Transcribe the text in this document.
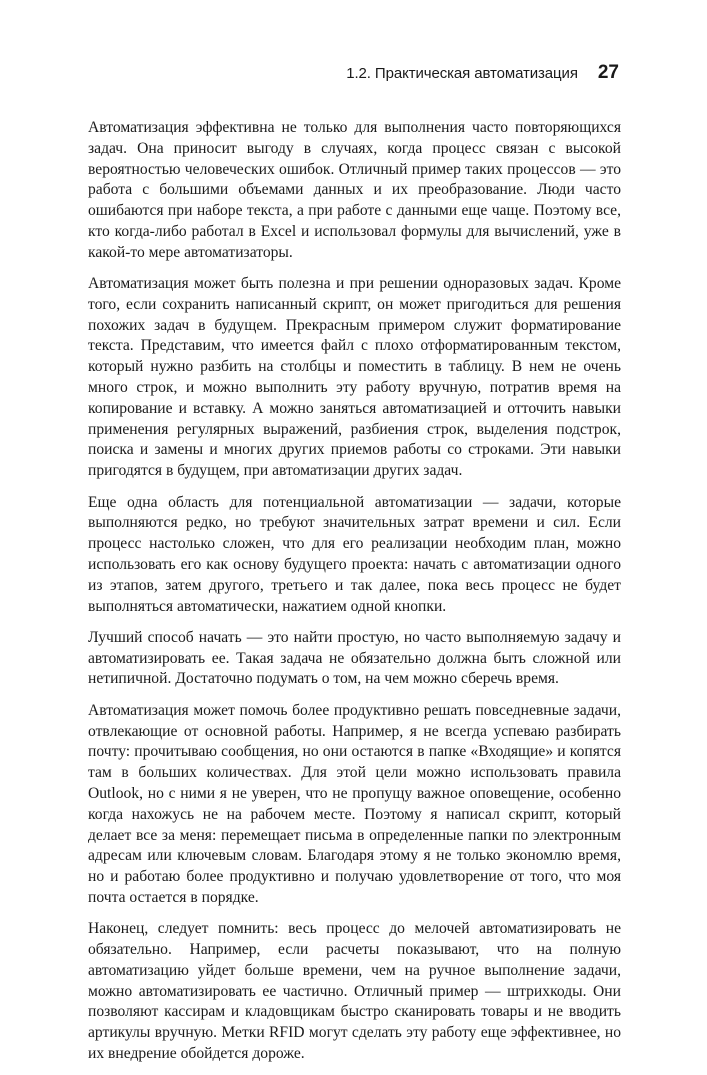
1.2. Практическая автоматизация 27

Автоматизация эффективна не только для выполнения часто повторяющихся задач. Она приносит выгоду в случаях, когда процесс связан с высокой вероятностью человеческих ошибок. Отличный пример таких процессов — это работа с большими объемами данных и их преобразование. Люди часто ошибаются при наборе текста, а при работе с данными еще чаще. Поэтому все, кто когда-либо работал в Excel и использовал формулы для вычислений, уже в какой-то мере автоматизаторы.

Автоматизация может быть полезна и при решении одноразовых задач. Кроме того, если сохранить написанный скрипт, он может пригодиться для решения похожих задач в будущем. Прекрасным примером служит форматирование текста. Представим, что имеется файл с плохо отформатированным текстом, который нужно разбить на столбцы и поместить в таблицу. В нем не очень много строк, и можно выполнить эту работу вручную, потратив время на копирование и вставку. А можно заняться автоматизацией и отточить навыки применения регулярных выражений, разбиения строк, выделения подстрок, поиска и замены и многих других приемов работы со строками. Эти навыки пригодятся в будущем, при автоматизации других задач.

Еще одна область для потенциальной автоматизации — задачи, которые выполняются редко, но требуют значительных затрат времени и сил. Если процесс настолько сложен, что для его реализации необходим план, можно использовать его как основу будущего проекта: начать с автоматизации одного из этапов, затем другого, третьего и так далее, пока весь процесс не будет выполняться автоматически, нажатием одной кнопки.

Лучший способ начать — это найти простую, но часто выполняемую задачу и автоматизировать ее. Такая задача не обязательно должна быть сложной или нетипичной. Достаточно подумать о том, на чем можно сберечь время.

Автоматизация может помочь более продуктивно решать повседневные задачи, отвлекающие от основной работы. Например, я не всегда успеваю разбирать почту: прочитываю сообщения, но они остаются в папке «Входящие» и копятся там в больших количествах. Для этой цели можно использовать правила Outlook, но с ними я не уверен, что не пропущу важное оповещение, особенно когда нахожусь не на рабочем месте. Поэтому я написал скрипт, который делает все за меня: перемещает письма в определенные папки по электронным адресам или ключевым словам. Благодаря этому я не только экономлю время, но и работаю более продуктивно и получаю удовлетворение от того, что моя почта остается в порядке.

Наконец, следует помнить: весь процесс до мелочей автоматизировать не обязательно. Например, если расчеты показывают, что на полную автоматизацию уйдет больше времени, чем на ручное выполнение задачи, можно автоматизировать ее частично. Отличный пример — штрихкоды. Они позволяют кассирам и кладовщикам быстро сканировать товары и не вводить артикулы вручную. Метки RFID могут сделать эту работу еще эффективнее, но их внедрение обойдется дороже.
